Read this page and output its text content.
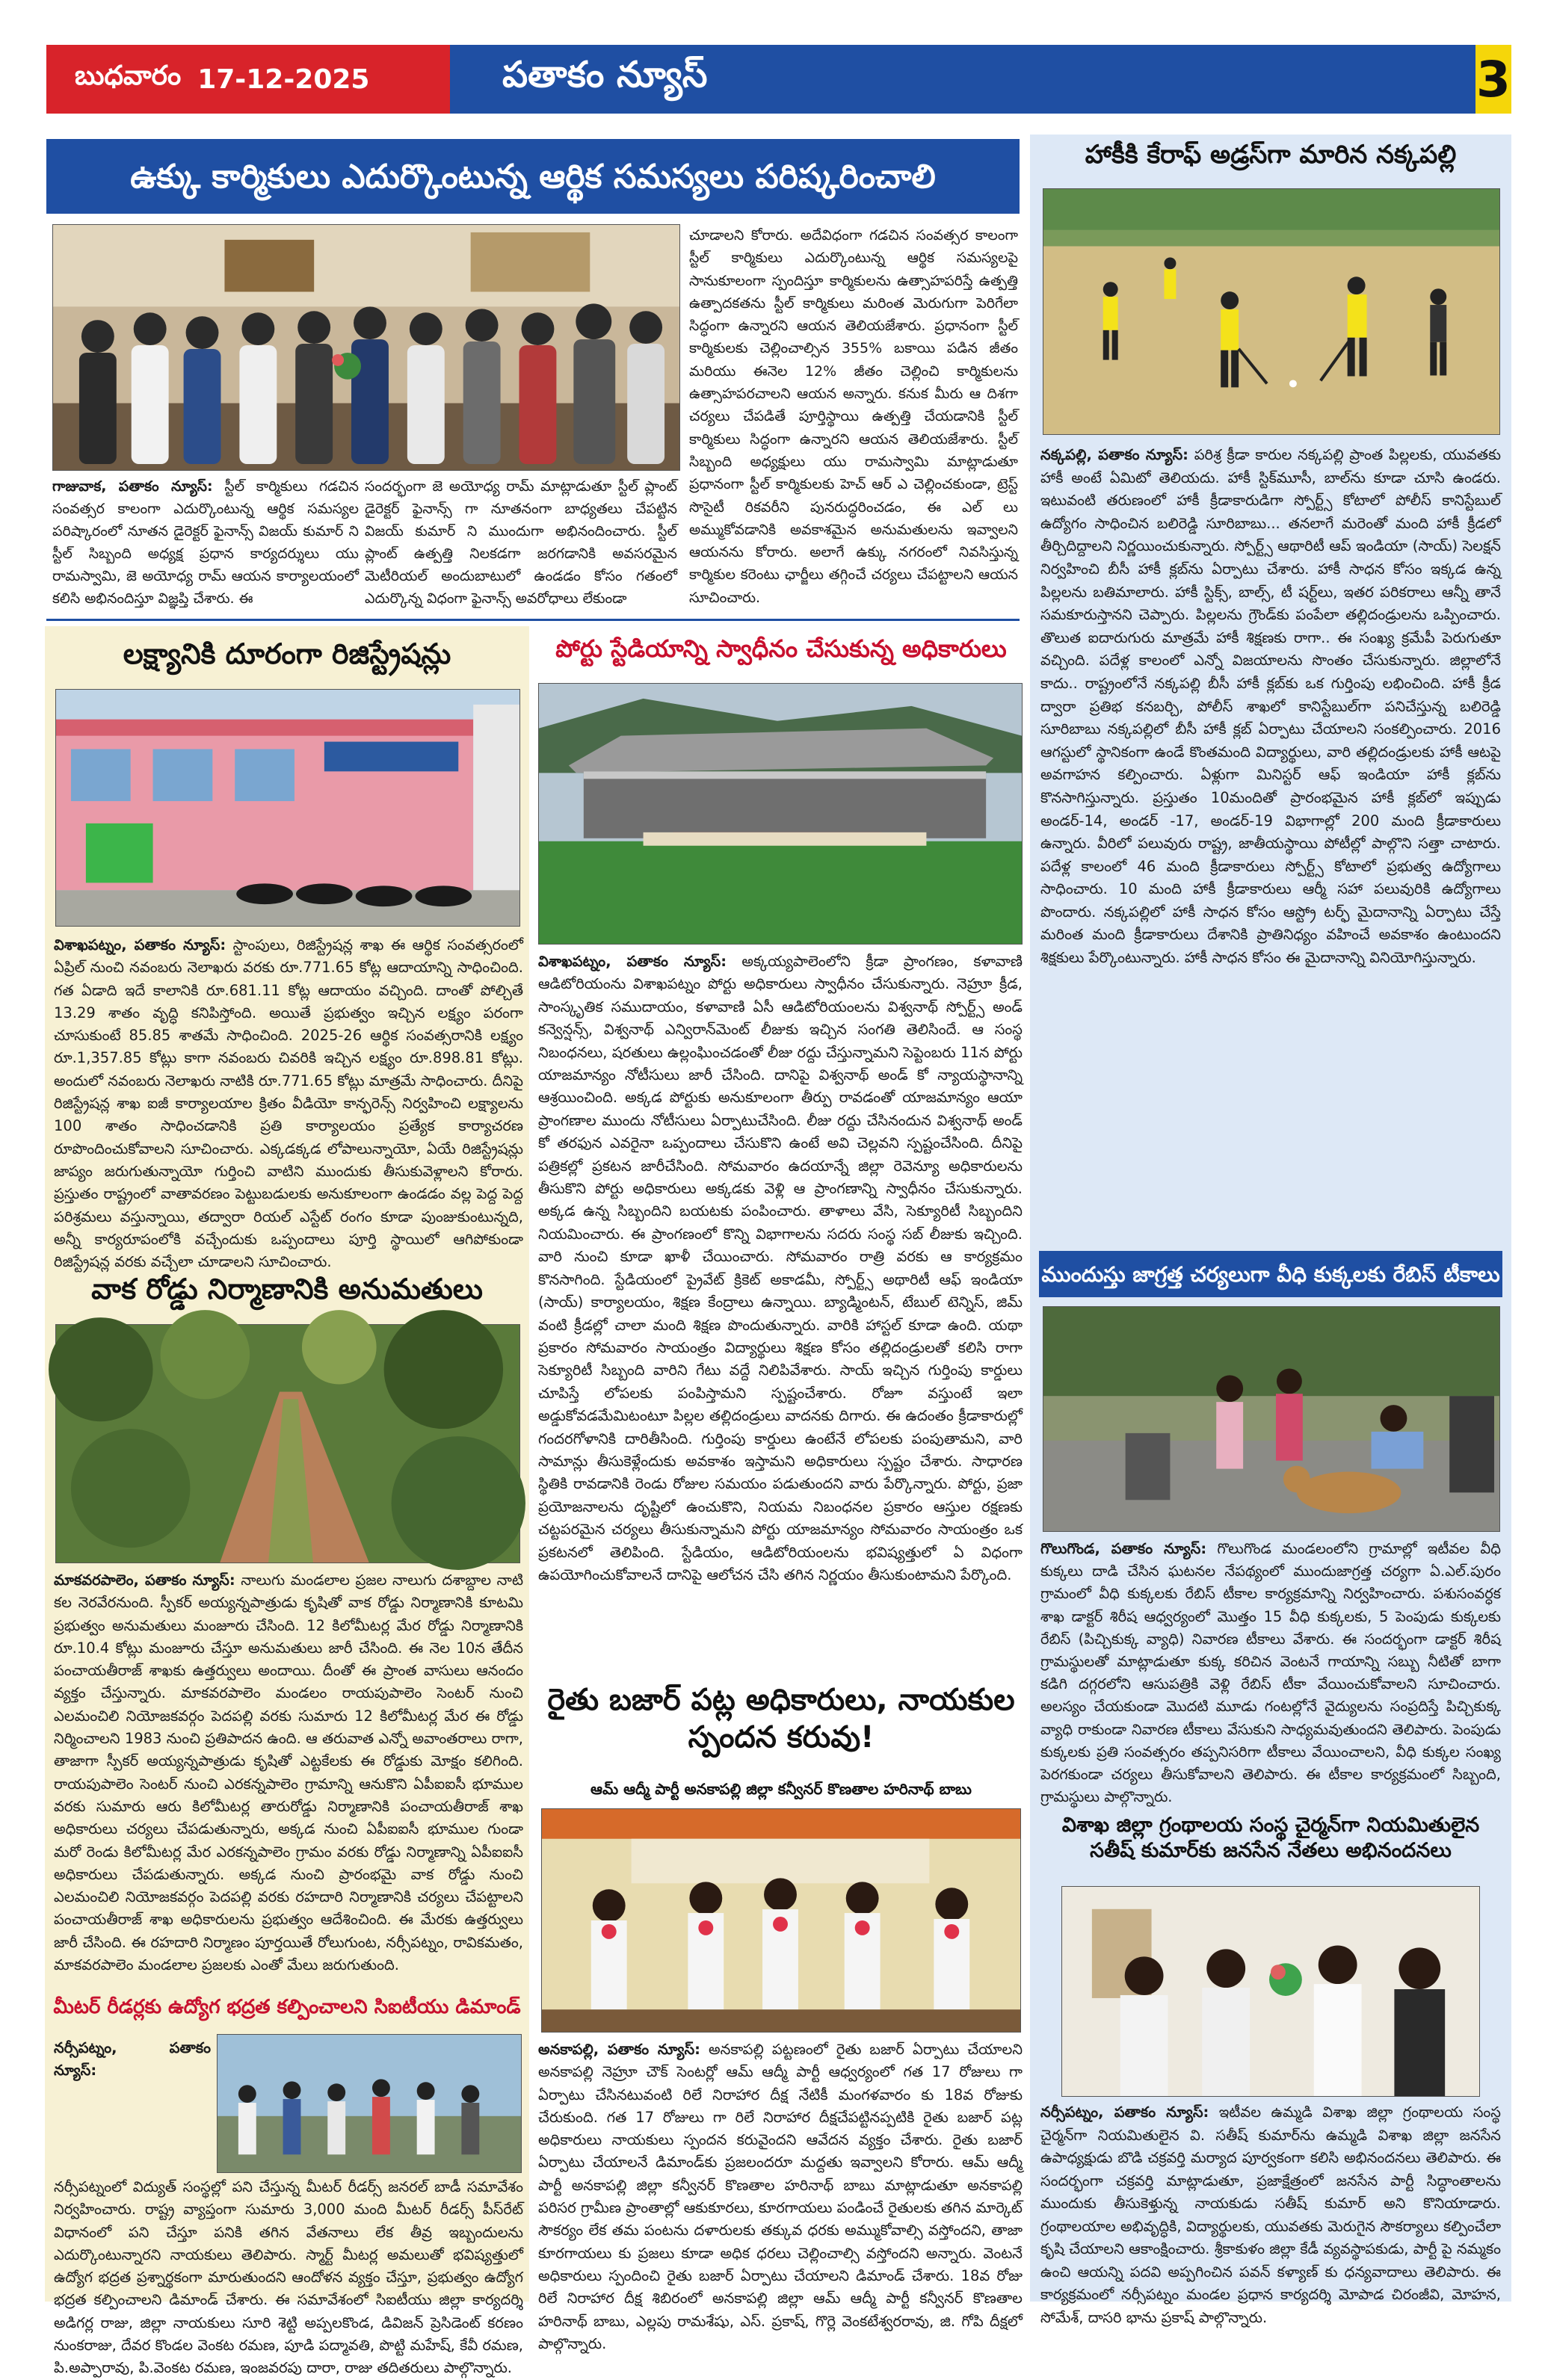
బుధవారం 17-12-2025	పతాకం న్యూస్	3
ఉక్కు కార్మికులు ఎదుర్కొంటున్న ఆర్థిక సమస్యలు పరిష్కరించాలి
గాజువాక, పతాకం న్యూస్: స్టీల్ కార్మికులు గడచిన సంవత్సర కాలంగా ఎదుర్కొంటున్న ఆర్థిక సమస్యల పరిష్కారంలో నూతన డైరెక్టర్ ఫైనాన్స్ విజయ్ కుమార్ ని స్టీల్ సిబ్బంది అధ్యక్ష ప్రధాన కార్యదర్శులు యు రామస్వామి, జె అయోధ్య రామ్ ఆయన కార్యాలయంలో కలిసి అభినందిస్తూ విజ్ఞప్తి చేశారు. ఈ
సందర్భంగా జె అయోధ్య రామ్ మాట్లాడుతూ స్టీల్ ప్లాంట్ డైరెక్టర్ ఫైనాన్స్ గా నూతనంగా బాధ్యతలు చేపట్టిన విజయ్ కుమార్ ని ముందుగా అభినందించారు. స్టీల్ ప్లాంట్ ఉత్పత్తి నిలకడగా జరగడానికి అవసరమైన మెటీరియల్ అందుబాటులో ఉండడం కోసం గతంలో ఎదుర్కొన్న విధంగా ఫైనాన్స్ అవరోధాలు లేకుండా
చూడాలని కోరారు. అదేవిధంగా గడచిన సంవత్సర కాలంగా స్టీల్ కార్మికులు ఎదుర్కొంటున్న ఆర్థిక సమస్యలపై సానుకూలంగా స్పందిస్తూ కార్మికులను ఉత్సాహపరిస్తే ఉత్పత్తి ఉత్పాదకతను స్టీల్ కార్మికులు మరింత మెరుగుగా పెరిగేలా సిద్ధంగా ఉన్నారని ఆయన తెలియజేశారు. ప్రధానంగా స్టీల్ కార్మికులకు చెల్లించాల్సిన 355% బకాయి పడిన జీతం మరియు ఈనెల 12% జీతం చెల్లించి కార్మికులను ఉత్సాహపరచాలని ఆయన అన్నారు. కనుక మీరు ఆ దిశగా చర్యలు చేపడితే పూర్తిస్థాయి ఉత్పత్తి చేయడానికి స్టీల్ కార్మికులు సిద్ధంగా ఉన్నారని ఆయన తెలియజేశారు. స్టీల్ సిబ్బంది అధ్యక్షులు యు రామస్వామి మాట్లాడుతూ ప్రధానంగా స్టీల్ కార్మికులకు హెచ్ ఆర్ ఎ చెల్లించకుండా, ట్రెస్ట్ సొసైటీ రికవరీని పునరుద్ధరించడం, ఈ ఎల్ లు అమ్ముకోవడానికి అవకాశమైన అనుమతులను ఇవ్వాలని ఆయనను కోరారు. అలాగే ఉక్కు నగరంలో నివసిస్తున్న కార్మికుల కరెంటు ఛార్జీలు తగ్గించే చర్యలు చేపట్టాలని ఆయన సూచించారు.
హాకీకి కేరాఫ్ అడ్రస్‌గా మారిన నక్కపల్లి
నక్కపల్లి, పతాకం న్యూస్: పరిశ్ర క్రీడా కారుల నక్కపల్లి ప్రాంత పిల్లలకు, యువతకు హాకీ అంటే ఏమిటో తెలియదు. హాకీ స్టిక్‌మూసీ, బాల్‌ను కూడా చూసి ఉండరు. ఇటువంటి తరుణంలో హాకీ క్రీడాకారుడిగా స్పోర్ట్స్ కోటాలో పోలీస్ కానిస్టేబుల్ ఉద్యోగం సాధించిన బలిరెడ్డి సూరిబాబు... తనలాగే మరెంతో మంది హాకీ క్రీడలో తీర్చిదిద్దాలని నిర్ణయించుకున్నారు. స్పోర్ట్స్ ఆథారిటీ ఆప్ ఇండియా (సాయ్) సెలక్షన్ నిర్వహించి బీసీ హాకీ క్లబ్‌ను ఏర్పాటు చేశారు. హాకీ సాధన కోసం ఇక్కడ ఉన్న పిల్లలను బతిమాలారు. హాకీ స్టిక్స్, బాల్స్, టీ షర్ట్‌లు, ఇతర పరికరాలు ఆన్నీ తానే సమకూరుస్తానని చెప్పారు. పిల్లలను గ్రౌండ్‌కు పంపేలా తల్లిదండ్రులను ఒప్పించారు. తొలుత ఐదారుగురు మాత్రమే హాకీ శిక్షణకు రాగా.. ఈ సంఖ్య క్రమేపీ పెరుగుతూ వచ్చింది. పదేళ్ల కాలంలో ఎన్నో విజయాలను సొంతం చేసుకున్నారు. జిల్లాలోనే కాదు.. రాష్ట్రంలోనే నక్కపల్లి బీసీ హాకీ క్లబ్‌కు ఒక గుర్తింపు లభించింది. హాకీ క్రీడ ద్వారా ప్రతిభ కనబర్చి, పోలీస్ శాఖలో కానిస్టేబుల్‌గా పనిచేస్తున్న బలిరెడ్డి సూరిబాబు నక్కపల్లిలో బీసీ హాకీ క్లబ్ ఏర్పాటు చేయాలని సంకల్పించారు. 2016 ఆగస్టులో స్థానికంగా ఉండే కొంతమంది విద్యార్థులు, వారి తల్లిదండ్రులకు హాకీ ఆటపై అవగాహన కల్పించారు. ఏళ్లుగా మినిస్టర్ ఆఫ్ ఇండియా హాకీ క్లబ్‌ను కొనసాగిస్తున్నారు. ప్రస్తుతం 10మందితో ప్రారంభమైన హాకీ క్లబ్‌లో ఇప్పుడు అండర్-14, అండర్ -17, అండర్-19 విభాగాల్లో 200 మంది క్రీడాకారులు ఉన్నారు. వీరిలో పలువురు రాష్ట్ర, జాతీయస్థాయి పోటీల్లో పాల్గొని సత్తా చాటారు. పదేళ్ల కాలంలో 46 మంది క్రీడాకారులు స్పోర్ట్స్ కోటాలో ప్రభుత్వ ఉద్యోగాలు సాధించారు. 10 మంది హాకీ క్రీడాకారులు ఆర్మీ సహా పలువురికి ఉద్యోగాలు పొందారు. నక్కపల్లిలో హాకీ సాధన కోసం ఆస్ట్రో టర్ఫ్ మైదానాన్ని ఏర్పాటు చేస్తే మరింత మంది క్రీడాకారులు దేశానికి ప్రాతినిధ్యం వహించే అవకాశం ఉంటుందని శిక్షకులు పేర్కొంటున్నారు. హాకీ సాధన కోసం ఈ మైదానాన్ని వినియోగిస్తున్నారు.
ముందుస్తు జాగ్రత్త చర్యలుగా వీధి కుక్కలకు రేబిస్ టీకాలు
గొలుగొండ, పతాకం న్యూస్: గొలుగొండ మండలంలోని గ్రామాల్లో ఇటీవల వీధి కుక్కలు దాడి చేసిన ఘటనల నేపథ్యంలో ముందుజాగ్రత్త చర్యగా ఏ.ఎల్.పురం గ్రామంలో వీధి కుక్కలకు రేబిస్ టీకాల కార్యక్రమాన్ని నిర్వహించారు. పశుసంవర్ధక శాఖ డాక్టర్ శిరీష ఆధ్వర్యంలో మొత్తం 15 వీధి కుక్కలకు, 5 పెంపుడు కుక్కలకు రేబిస్ (పిచ్చికుక్క వ్యాధి) నివారణ టీకాలు వేశారు. ఈ సందర్భంగా డాక్టర్ శిరీష గ్రామస్థులతో మాట్లాడుతూ కుక్క కరిచిన వెంటనే గాయాన్ని సబ్బు నీటితో బాగా కడిగి దగ్గరలోని ఆసుపత్రికి వెళ్లి రేబిస్ టీకా వేయించుకోవాలని సూచించారు. అలస్యం చేయకుండా మొదటి మూడు గంటల్లోనే వైద్యులను సంప్రదిస్తే పిచ్చికుక్క వ్యాధి రాకుండా నివారణ టీకాలు వేసుకుని సాధ్యమవుతుందని తెలిపారు. పెంపుడు కుక్కలకు ప్రతి సంవత్సరం తప్పనిసరిగా టీకాలు వేయించాలని, వీధి కుక్కల సంఖ్య పెరగకుండా చర్యలు తీసుకోవాలని తెలిపారు. ఈ టీకాల కార్యక్రమంలో సిబ్బంది, గ్రామస్థులు పాల్గొన్నారు.
విశాఖ జిల్లా గ్రంథాలయ సంస్థ చైర్మన్‌గా నియమితులైన సతీష్ కుమార్‌కు జనసేన నేతలు అభినందనలు
నర్సీపట్నం, పతాకం న్యూస్: ఇటీవల ఉమ్మడి విశాఖ జిల్లా గ్రంథాలయ సంస్థ చైర్మన్‌గా నియమితులైన వి. సతీష్ కుమార్‌ను ఉమ్మడి విశాఖ జిల్లా జనసేన ఉపాధ్యక్షుడు బొడి చక్రవర్తి మర్యాద పూర్వకంగా కలిసి అభినందనలు తెలిపారు. ఈ సందర్భంగా చక్రవర్తి మాట్లాడుతూ, ప్రజాక్షేత్రంలో జనసేన పార్టీ సిద్ధాంతాలను ముందుకు తీసుకెళ్తున్న నాయకుడు సతీష్ కుమార్ అని కొనియాడారు. గ్రంథాలయాల అభివృద్ధికి, విద్యార్థులకు, యువతకు మెరుగైన సౌకర్యాలు కల్పించేలా కృషి చేయాలని ఆకాంక్షించారు. శ్రీకాకుళం జిల్లా కేడీ వ్యవస్థాపకుడు, పార్టీ పై నమ్మకం ఉంచి ఆయన్ని పదవి అప్పగించిన పవన్ కళ్యాణ్ కు ధన్యవాదాలు తెలిపారు. ఈ కార్యక్రమంలో నర్సీపట్నం మండల ప్రధాన కార్యదర్శి మోపాడ చిరంజీవి, మోహన, సోమేశ్, దాసరి భాను ప్రకాష్ పాల్గొన్నారు.
లక్ష్యానికి దూరంగా రిజిస్ట్రేషన్లు
విశాఖపట్నం, పతాకం న్యూస్: స్టాంపులు, రిజిస్ట్రేషన్ల శాఖ ఈ ఆర్థిక సంవత్సరంలో ఏప్రిల్ నుంచి నవంబరు నెలాఖరు వరకు రూ.771.65 కోట్ల ఆదాయాన్ని సాధించింది. గత ఏడాది ఇదే కాలానికి రూ.681.11 కోట్ల ఆదాయం వచ్చింది. దాంతో పోల్చితే 13.29 శాతం వృద్ధి కనిపిస్తోంది. అయితే ప్రభుత్వం ఇచ్చిన లక్ష్యం పరంగా చూసుకుంటే 85.85 శాతమే సాధించింది. 2025-26 ఆర్థిక సంవత్సరానికి లక్ష్యం రూ.1,357.85 కోట్లు కాగా నవంబరు చివరికి ఇచ్చిన లక్ష్యం రూ.898.81 కోట్లు. అందులో నవంబరు నెలాఖరు నాటికి రూ.771.65 కోట్లు మాత్రమే సాధించారు. దీనిపై రిజిస్ట్రేషన్ల శాఖ ఐజీ కార్యాలయాల క్రితం వీడియో కాన్ఫరెన్స్ నిర్వహించి లక్ష్యాలను 100 శాతం సాధించడానికి ప్రతి కార్యాలయం ప్రత్యేక కార్యాచరణ రూపొందించుకోవాలని సూచించారు. ఎక్కడక్కడ లోపాలున్నాయో, ఏయే రిజిస్ట్రేషన్లు జాప్యం జరుగుతున్నాయో గుర్తించి వాటిని ముందుకు తీసుకువెళ్లాలని కోరారు. ప్రస్తుతం రాష్ట్రంలో వాతావరణం పెట్టుబడులకు అనుకూలంగా ఉండడం వల్ల పెద్ద పెద్ద పరిశ్రమలు వస్తున్నాయి, తద్వారా రియల్ ఎస్టేట్ రంగం కూడా పుంజుకుంటున్నది, అన్నీ కార్యరూపంలోకి వచ్చేందుకు ఒప్పందాలు పూర్తి స్థాయిలో ఆగిపోకుండా రిజిస్ట్రేషన్ల వరకు వచ్చేలా చూడాలని సూచించారు.
వాక రోడ్డు నిర్మాణానికి అనుమతులు
మాకవరపాలెం, పతాకం న్యూస్: నాలుగు మండలాల ప్రజల నాలుగు దశాబ్దాల నాటి కల నెరవేరనుంది. స్పీకర్ అయ్యన్నపాత్రుడు కృషితో వాక రోడ్డు నిర్మాణానికి కూటమి ప్రభుత్వం అనుమతులు మంజూరు చేసింది. 12 కిలోమీటర్ల మేర రోడ్డు నిర్మాణానికి రూ.10.4 కోట్లు మంజూరు చేస్తూ అనుమతులు జారీ చేసింది. ఈ నెల 10న తేదీన పంచాయతీరాజ్ శాఖకు ఉత్తర్వులు అందాయి. దీంతో ఈ ప్రాంత వాసులు ఆనందం వ్యక్తం చేస్తున్నారు. మాకవరపాలెం మండలం రాయపుపాలెం సెంటర్ నుంచి ఎలమంచిలి నియోజకవర్గం పెదపల్లి వరకు సుమారు 12 కిలోమీటర్ల మేర ఈ రోడ్డు నిర్మించాలని 1983 నుంచి ప్రతిపాదన ఉంది. ఆ తరువాత ఎన్నో అవాంతరాలు రాగా, తాజాగా స్పీకర్ అయ్యన్నపాత్రుడు కృషితో ఎట్టకేలకు ఈ రోడ్డుకు మోక్షం కలిగింది. రాయపుపాలెం సెంటర్ నుంచి ఎరకన్నపాలెం గ్రామాన్ని ఆనుకొని ఏపీఐఐసీ భూముల వరకు సుమారు ఆరు కిలోమీటర్ల తారురోడ్డు నిర్మాణానికి పంచాయతీరాజ్ శాఖ అధికారులు చర్యలు చేపడుతున్నారు, అక్కడ నుంచి ఏపీఐఐసీ భూముల గుండా మరో రెండు కిలోమీటర్ల మేర ఎరకన్నపాలెం గ్రామం వరకు రోడ్డు నిర్మాణాన్ని ఏపీఐఐసీ అధికారులు చేపడుతున్నారు. అక్కడ నుంచి ప్రారంభమై వాక రోడ్డు నుంచి ఎలమంచిలి నియోజకవర్గం పెదపల్లి వరకు రహదారి నిర్మాణానికి చర్యలు చేపట్టాలని పంచాయతీరాజ్ శాఖ అధికారులను ప్రభుత్వం ఆదేశించింది. ఈ మేరకు ఉత్తర్వులు జారీ చేసింది. ఈ రహదారి నిర్మాణం పూర్తయితే రోలుగుంట, నర్సీపట్నం, రావికమతం, మాకవరపాలెం మండలాల ప్రజలకు ఎంతో మేలు జరుగుతుంది.
మీటర్ రీడర్లకు ఉద్యోగ భద్రత కల్పించాలని సిఐటీయు డిమాండ్
నర్సీపట్నం,	పతాకం న్యూస్:
నర్సీపట్నంలో విద్యుత్ సంస్థల్లో పని చేస్తున్న మీటర్ రీడర్స్ జనరల్ బాడీ సమావేశం నిర్వహించారు. రాష్ట్ర వ్యాప్తంగా సుమారు 3,000 మంది మీటర్ రీడర్స్ పీస్‌రేట్ విధానంలో పని చేస్తూ పనికి తగిన వేతనాలు లేక తీవ్ర ఇబ్బందులను ఎదుర్కొంటున్నారని నాయకులు తెలిపారు. స్మార్ట్ మీటర్ల అమలుతో భవిష్యత్తులో ఉద్యోగ భద్రత ప్రశ్నార్థకంగా మారుతుందని ఆందోళన వ్యక్తం చేస్తూ, ప్రభుత్వం ఉద్యోగ భద్రత కల్పించాలని డిమాండ్ చేశారు. ఈ సమావేశంలో సిఐటీయు జిల్లా కార్యదర్శి అడిగర్ల రాజు, జిల్లా నాయకులు సూరి శెట్టి అప్పలకొండ, డివిజన్ ప్రెసిడెంట్ కరణం నుంకరాజు, దేవర కొండల వెంకట రమణ, పూడి పద్మావతి, పొట్టి మహేష్, కేవీ రమణ, పి.అప్పారావు, పి.వెంకట రమణ, ఇంజవరపు దారా, రాజు తదితరులు పాల్గొన్నారు.
పోర్టు స్టేడియాన్ని స్వాధీనం చేసుకున్న అధికారులు
విశాఖపట్నం, పతాకం న్యూస్: అక్కయ్యపాలెంలోని క్రీడా ప్రాంగణం, కళావాణి ఆడిటోరియంను విశాఖపట్నం పోర్టు అధికారులు స్వాధీనం చేసుకున్నారు. నెహ్రూ క్రీడ, సాంస్కృతిక సముదాయం, కళావాణి ఏసీ ఆడిటోరియంలను విశ్వనాథ్ స్పోర్ట్స్ అండ్ కన్వెన్షన్స్, విశ్వనాథ్ ఎన్విరాన్‌మెంట్ లీజుకు ఇచ్చిన సంగతి తెలిసిందే. ఆ సంస్థ నిబంధనలు, షరతులు ఉల్లంఘించడంతో లీజు రద్దు చేస్తున్నామని సెప్టెంబరు 11న పోర్టు యాజమాన్యం నోటీసులు జారీ చేసింది. దానిపై విశ్వనాథ్ అండ్ కో న్యాయస్థానాన్ని ఆశ్రయించింది. అక్కడ పోర్టుకు అనుకూలంగా తీర్పు రావడంతో యాజమాన్యం ఆయా ప్రాంగణాల ముందు నోటీసులు ఏర్పాటుచేసింది. లీజు రద్దు చేసినందున విశ్వనాథ్ అండ్ కో తరఫున ఎవరైనా ఒప్పందాలు చేసుకొని ఉంటే అవి చెల్లవని స్పష్టంచేసింది. దీనిపై పత్రికల్లో ప్రకటన జారీచేసింది. సోమవారం ఉదయాన్నే జిల్లా రెవెన్యూ అధికారులను తీసుకొని పోర్టు అధికారులు అక్కడకు వెళ్లి ఆ ప్రాంగణాన్ని స్వాధీనం చేసుకున్నారు. అక్కడ ఉన్న సిబ్బందిని బయటకు పంపించారు. తాళాలు వేసి, సెక్యూరిటీ సిబ్బందిని నియమించారు. ఈ ప్రాంగణంలో కొన్ని విభాగాలను సదరు సంస్థ సబ్ లీజుకు ఇచ్చింది. వారి నుంచి కూడా ఖాళీ చేయించారు. సోమవారం రాత్రి వరకు ఆ కార్యక్రమం కొనసాగింది. స్టేడియంలో ప్రైవేట్ క్రికెట్ అకాడమీ, స్పోర్ట్స్ అథారిటీ ఆఫ్ ఇండియా (సాయ్) కార్యాలయం, శిక్షణ కేంద్రాలు ఉన్నాయి. బ్యాడ్మింటన్, టేబుల్ టెన్నిస్, జిమ్ వంటి క్రీడల్లో చాలా మంది శిక్షణ పొందుతున్నారు. వారికి హాస్టల్ కూడా ఉంది. యథా ప్రకారం సోమవారం సాయంత్రం విద్యార్థులు శిక్షణ కోసం తల్లిదండ్రులతో కలిసి రాగా సెక్యూరిటీ సిబ్బంది వారిని గేటు వద్దే నిలిపివేశారు. సాయ్ ఇచ్చిన గుర్తింపు కార్డులు చూపిస్తే లోపలకు పంపిస్తామని స్పష్టంచేశారు. రోజూ వస్తుంటే ఇలా అడ్డుకోవడమేమిటంటూ పిల్లల తల్లిదండ్రులు వాదనకు దిగారు. ఈ ఉదంతం క్రీడాకారుల్లో గందరగోళానికి దారితీసింది. గుర్తింపు కార్డులు ఉంటేనే లోపలకు పంపుతామని, వారి సామాన్లు తీసుకెళ్లేందుకు అవకాశం ఇస్తామని అధికారులు స్పష్టం చేశారు. సాధారణ స్థితికి రావడానికి రెండు రోజుల సమయం పడుతుందని వారు పేర్కొన్నారు. పోర్టు, ప్రజా ప్రయోజనాలను దృష్టిలో ఉంచుకొని, నియమ నిబంధనల ప్రకారం ఆస్తుల రక్షణకు చట్టపరమైన చర్యలు తీసుకున్నామని పోర్టు యాజమాన్యం సోమవారం సాయంత్రం ఒక ప్రకటనలో తెలిపింది. స్టేడియం, ఆడిటోరియంలను భవిష్యత్తులో ఏ విధంగా ఉపయోగించుకోవాలనే దానిపై ఆలోచన చేసి తగిన నిర్ణయం తీసుకుంటామని పేర్కొంది.
రైతు బజార్ పట్ల అధికారులు, నాయకుల స్పందన కరువు!
ఆమ్ ఆద్మీ పార్టీ అనకాపల్లి జిల్లా కన్వీనర్ కొణతాల హరినాథ్ బాబు
అనకాపల్లి, పతాకం న్యూస్: అనకాపల్లి పట్టణంలో రైతు బజార్ ఏర్పాటు చేయాలని అనకాపల్లి నెహ్రూ చౌక్ సెంటర్లో ఆమ్ ఆద్మీ పార్టీ ఆధ్వర్యంలో గత 17 రోజులు గా ఏర్పాటు చేసినటువంటి రిలే నిరాహార దీక్ష నేటికీ మంగళవారం కు 18వ రోజుకు చేరుకుంది. గత 17 రోజులు గా రిలే నిరాహార దీక్షచేపట్టినప్పటికి రైతు బజార్ పట్ల అధికారులు నాయకులు స్పందన కరువైందని ఆవేదన వ్యక్తం చేశారు. రైతు బజార్ ఏర్పాటు చేయాలనే డిమాండ్‌కు ప్రజలందరూ మద్దతు ఇవ్వాలని కోరారు. ఆమ్ ఆద్మీ పార్టీ అనకాపల్లి జిల్లా కన్వీనర్ కొణతాల హరినాథ్ బాబు మాట్లాడుతూ అనకాపల్లి పరిసర గ్రామీణ ప్రాంతాల్లో ఆకుకూరలు, కూరగాయలు పండించే రైతులకు తగిన మార్కెట్ సౌకర్యం లేక తమ పంటను దళారులకు తక్కువ ధరకు అమ్ముకోవాల్సి వస్తోందని, తాజా కూరగాయలు కు ప్రజలు కూడా అధిక ధరలు చెల్లించాల్సి వస్తోందని అన్నారు. వెంటనే అధికారులు స్పందించి రైతు బజార్ ఏర్పాటు చేయాలని డిమాండ్ చేశారు. 18వ రోజు రిలే నిరాహార దీక్ష శిబిరంలో అనకాపల్లి జిల్లా ఆమ్ ఆద్మీ పార్టీ కన్వీనర్ కొణతాల హరినాథ్ బాబు, ఎల్లపు రామశేషు, ఎస్. ప్రకాష్, గొర్లె వెంకటేశ్వరరావు, జి. గోపి దీక్షలో పాల్గొన్నారు.
